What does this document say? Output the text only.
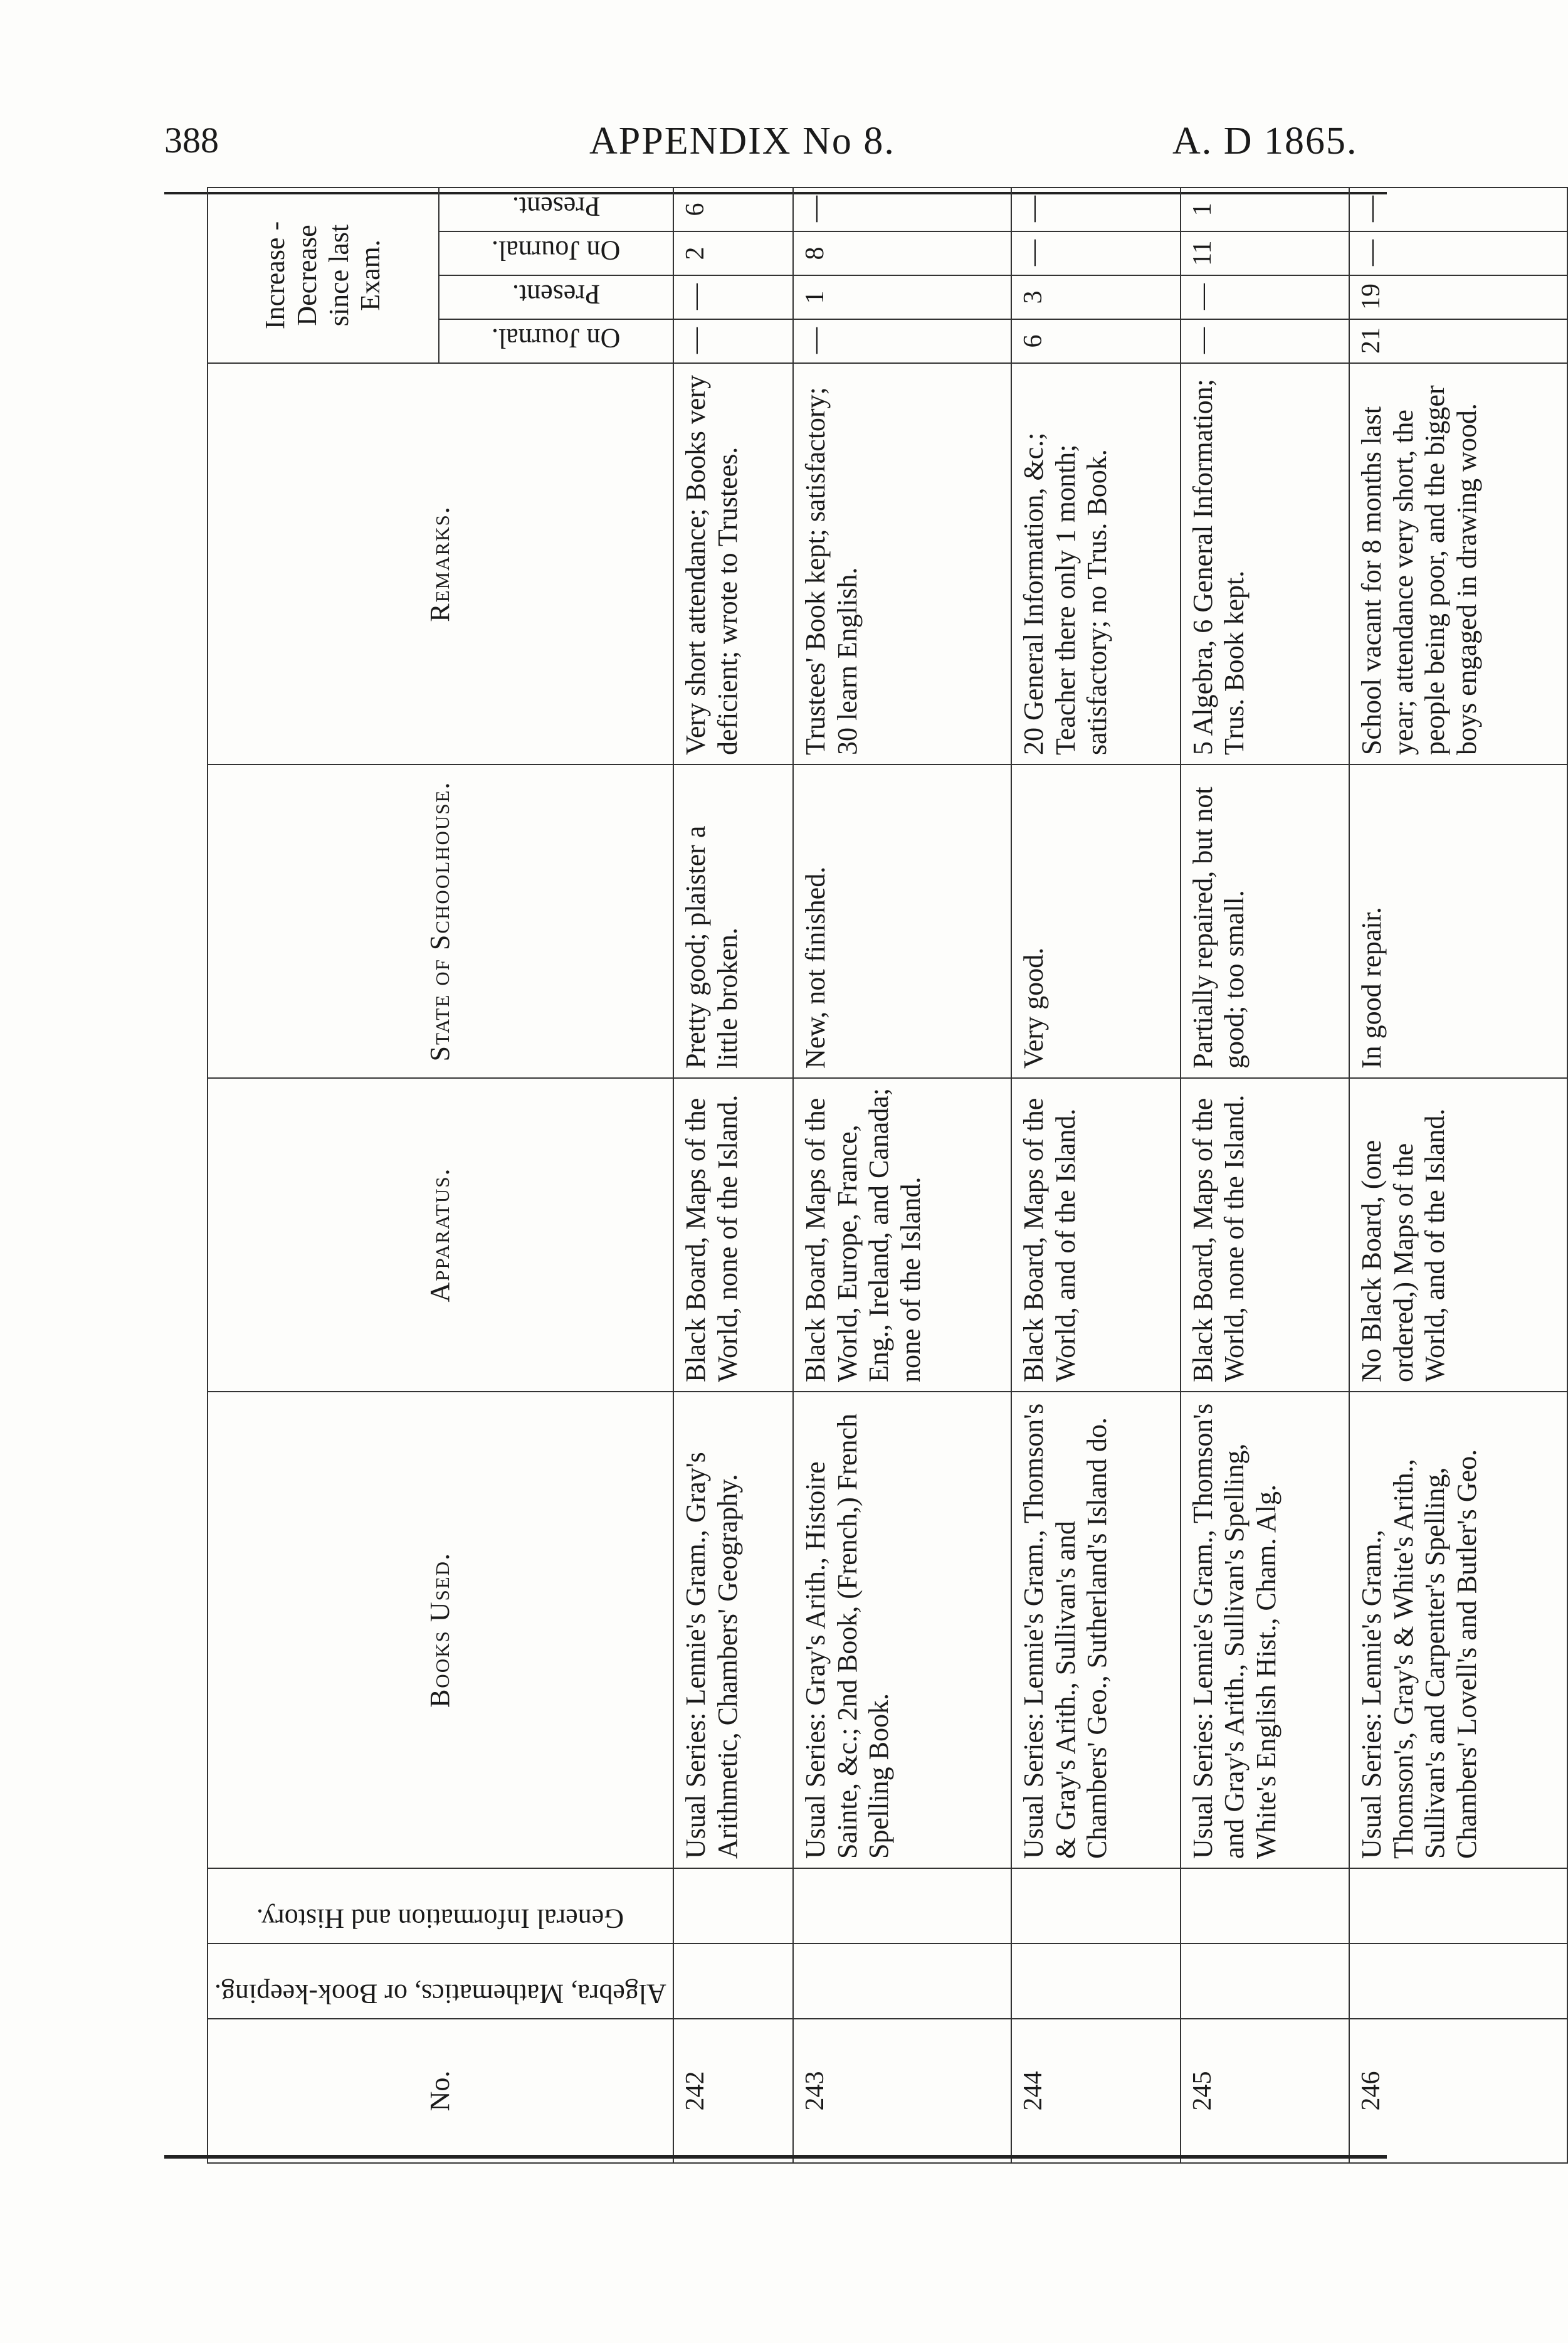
388	APPENDIX No 8.	A. D 1865.
No.	Algebra, Mathematics, or Book-keeping.	General Information and History.	Books Used.	Apparatus.	State of Schoolhouse.	Remarks.	Increase - Decrease since last Exam.			

							On Journal.	Present.	On Journal.	Present.

242			Usual Series: Lennie's Gram., Gray's Arithmetic, Chambers' Geography.	Black Board, Maps of the World, none of the Island.	Pretty good; plaister a little broken.	Very short attendance; Books very deficient; wrote to Trustees.	—	—	2	6
243			Usual Series: Gray's Arith., Histoire Sainte, &c.; 2nd Book, (French,) French Spelling Book.	Black Board, Maps of the World, Europe, France, Eng., Ireland, and Canada; none of the Island.	New, not finished.	Trustees' Book kept; satisfactory; 30 learn English.	—	1	8	—
244			Usual Series: Lennie's Gram., Thomson's & Gray's Arith., Sullivan's and Chambers' Geo., Sutherland's Island do.	Black Board, Maps of the World, and of the Island.	Very good.	20 General Information, &c.; Teacher there only 1 month; satisfactory; no Trus. Book.	6	3	—	—
245			Usual Series: Lennie's Gram., Thomson's and Gray's Arith., Sullivan's Spelling, White's English Hist., Cham. Alg.	Black Board, Maps of the World, none of the Island.	Partially repaired, but not good; too small.	5 Algebra, 6 General Information; Trus. Book kept.	—	—	11	1
246			Usual Series: Lennie's Gram., Thomson's, Gray's & White's Arith., Sullivan's and Carpenter's Spelling, Chambers' Lovell's and Butler's Geo.	No Black Board, (one ordered,) Maps of the World, and of the Island.	In good repair.	School vacant for 8 months last year; attendance very short, the people being poor, and the bigger boys engaged in drawing wood.	21	19	—	—
